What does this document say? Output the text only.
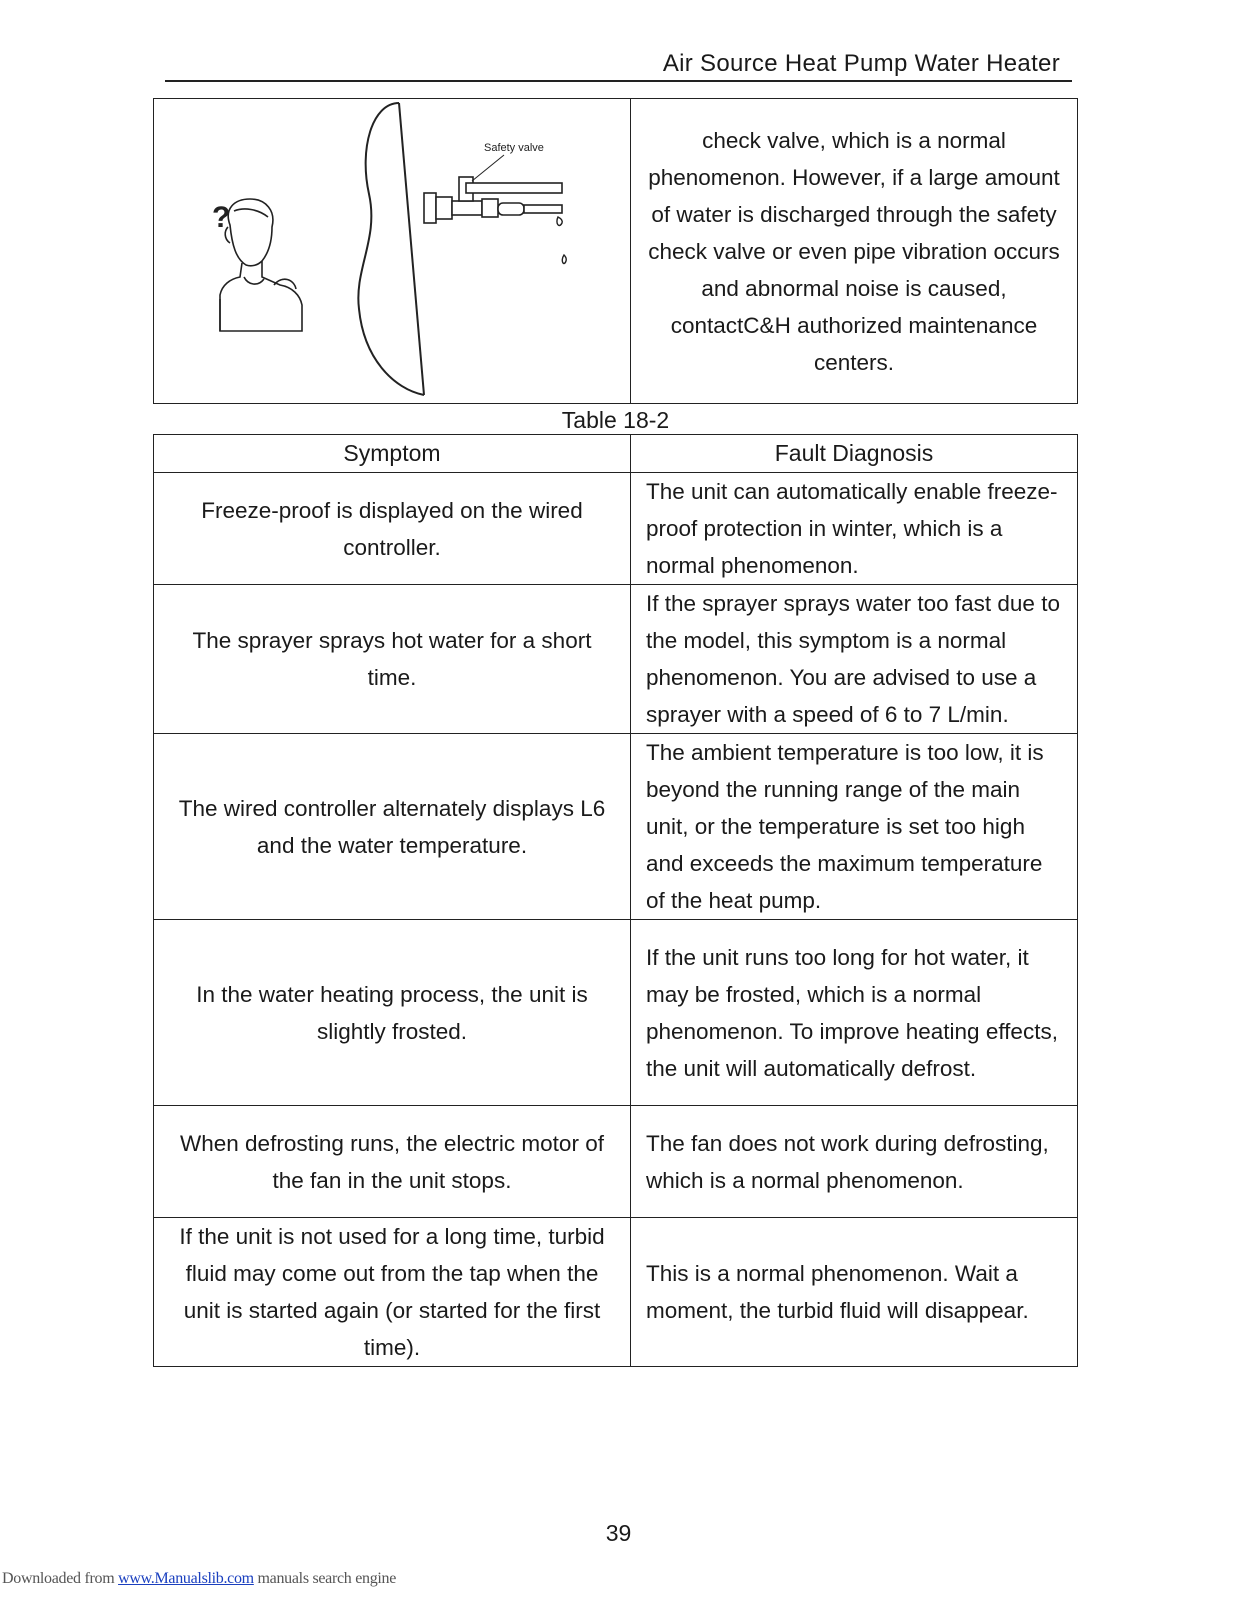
Air Source Heat Pump Water Heater
Safety valve
?
	check valve, which is a normal phenomenon. However, if a large amount of water is discharged through the safety check valve or even pipe vibration occurs and abnormal noise is caused, contactC&H authorized maintenance centers.
Table 18-2
Symptom	Fault Diagnosis
Freeze-proof is displayed on the wired controller.	The unit can automatically enable freeze-proof protection in winter, which is a normal phenomenon.
The sprayer sprays hot water for a short time.	If the sprayer sprays water too fast due to the model, this symptom is a normal phenomenon. You are advised to use a sprayer with a speed of 6 to 7 L/min.
The wired controller alternately displays L6 and the water temperature.	The ambient temperature is too low, it is beyond the running range of the main unit, or the temperature is set too high and exceeds the maximum temperature of the heat pump.
In the water heating process, the unit is slightly frosted.	If the unit runs too long for hot water, it may be frosted, which is a normal phenomenon. To improve heating effects, the unit will automatically defrost.
When defrosting runs, the electric motor of the fan in the unit stops.	The fan does not work during defrosting, which is a normal phenomenon.
If the unit is not used for a long time, turbid fluid may come out from the tap when the unit is started again (or started for the first time).	This is a normal phenomenon. Wait a moment, the turbid fluid will disappear.
39
Downloaded from www.Manualslib.com manuals search engine
